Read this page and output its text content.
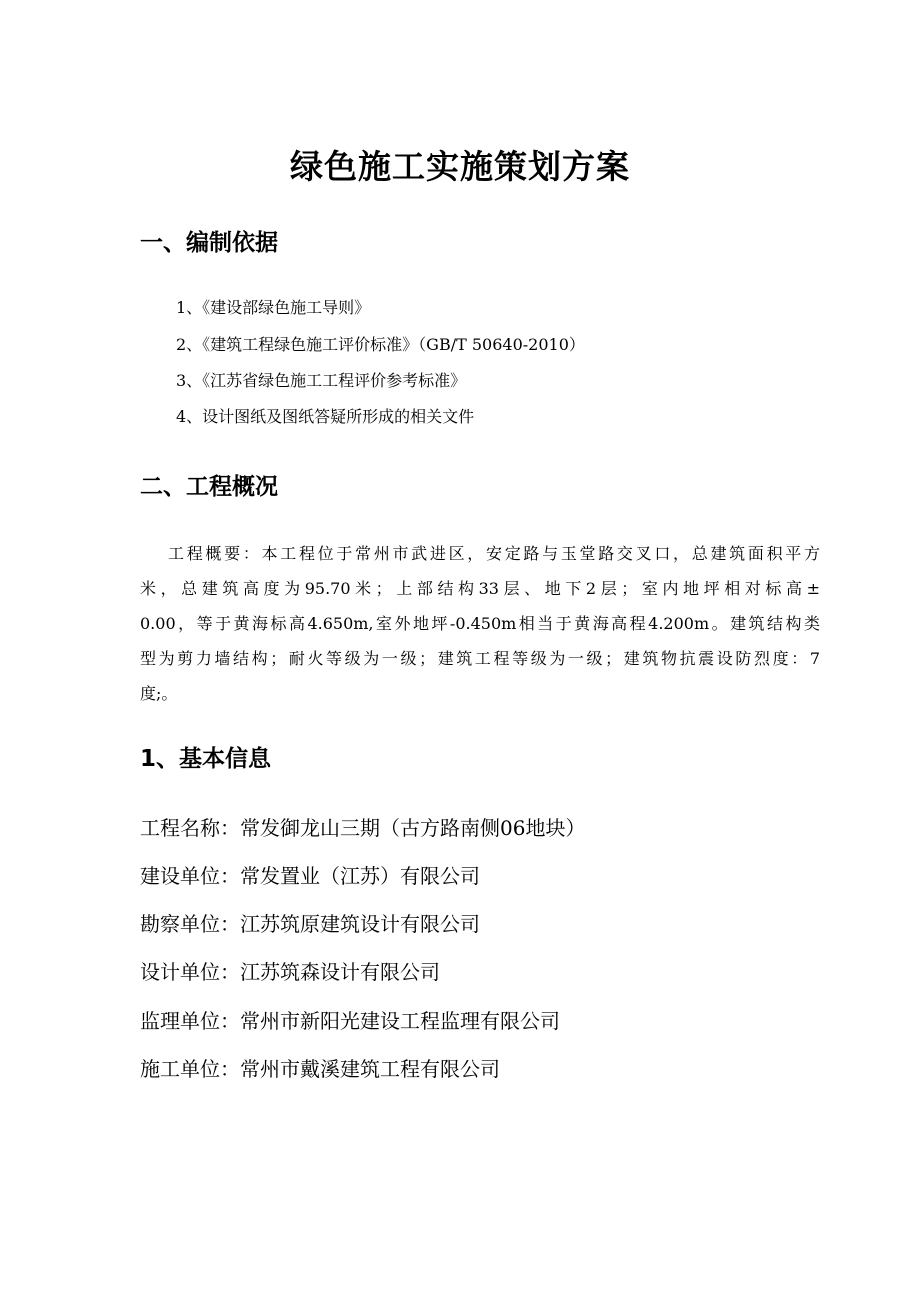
绿色施工实施策划方案
一、编制依据
1、《建设部绿色施工导则》
2、《建筑工程绿色施工评价标准》（GB/T 50640-2010）
3、《江苏省绿色施工工程评价参考标准》
4、设计图纸及图纸答疑所形成的相关文件
二、工程概况
工程概要：本工程位于常州市武进区，安定路与玉堂路交叉口，总建筑面积平方
米，总建筑高度为95.70米；上部结构33层、地下2层；室内地坪相对标高±
0.00，等于黄海标高4.650m,室外地坪-0.450m相当于黄海高程4.200m。建筑结构类
型为剪力墙结构；耐火等级为一级；建筑工程等级为一级；建筑物抗震设防烈度：7
度;。
1、基本信息
工程名称：常发御龙山三期（古方路南侧06地块）
建设单位：常发置业（江苏）有限公司
勘察单位：江苏筑原建筑设计有限公司
设计单位：江苏筑森设计有限公司
监理单位：常州市新阳光建设工程监理有限公司
施工单位：常州市戴溪建筑工程有限公司
